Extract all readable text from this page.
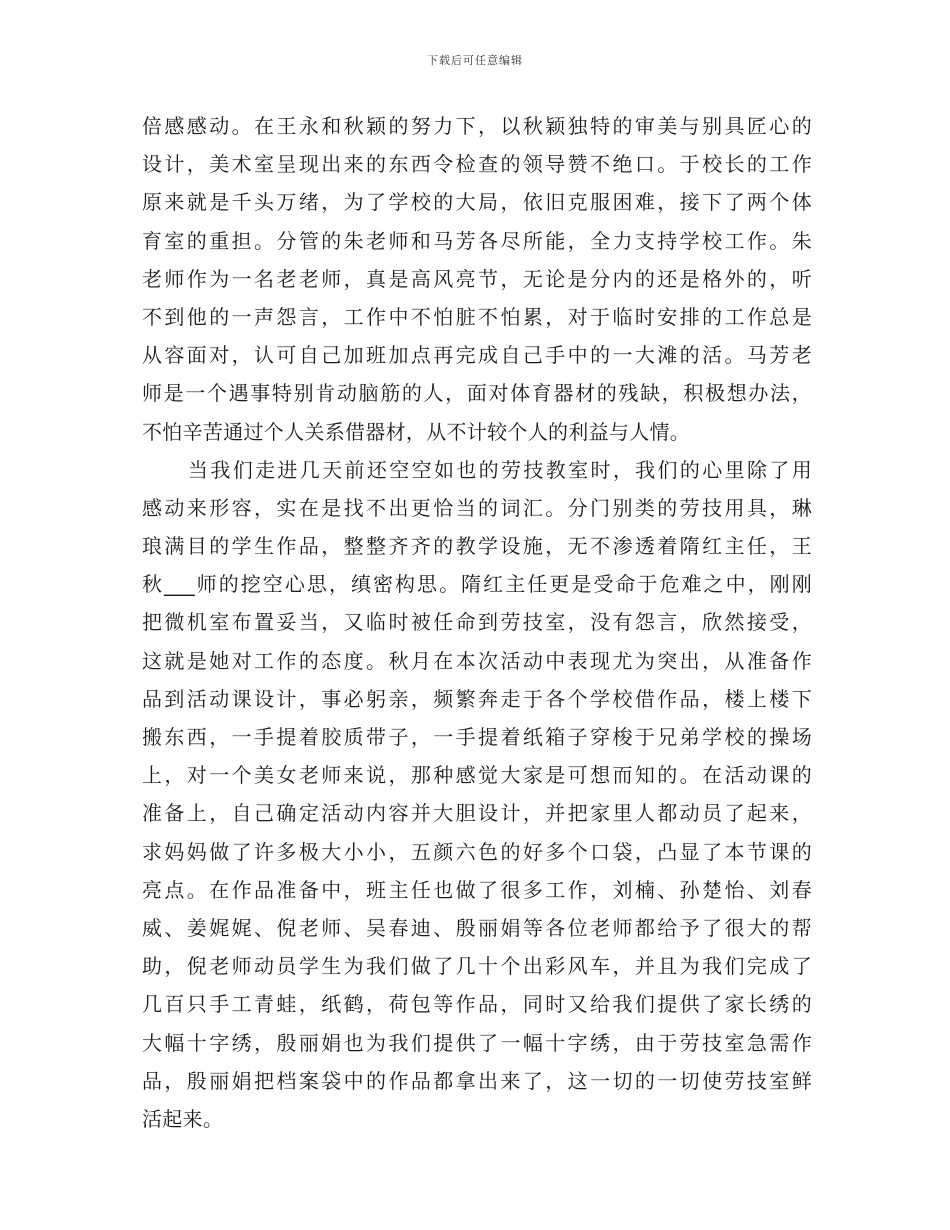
下载后可任意编辑
倍感感动。在王永和秋颖的努力下，以秋颖独特的审美与别具匠心的
设计，美术室呈现出来的东西令检查的领导赞不绝口。于校长的工作
原来就是千头万绪，为了学校的大局，依旧克服困难，接下了两个体
育室的重担。分管的朱老师和马芳各尽所能，全力支持学校工作。朱
老师作为一名老老师，真是高风亮节，无论是分内的还是格外的，听
不到他的一声怨言，工作中不怕脏不怕累，对于临时安排的工作总是
从容面对，认可自己加班加点再完成自己手中的一大滩的活。马芳老
师是一个遇事特别肯动脑筋的人，面对体育器材的残缺，积极想办法，
不怕辛苦通过个人关系借器材，从不计较个人的利益与人情。
当我们走进几天前还空空如也的劳技教室时，我们的心里除了用
感动来形容，实在是找不出更恰当的词汇。分门别类的劳技用具，琳
琅满目的学生作品，整整齐齐的教学设施，无不渗透着隋红主任，王
秋___师的挖空心思，缜密构思。隋红主任更是受命于危难之中，刚刚
把微机室布置妥当，又临时被任命到劳技室，没有怨言，欣然接受，
这就是她对工作的态度。秋月在本次活动中表现尤为突出，从准备作
品到活动课设计，事必躬亲，频繁奔走于各个学校借作品，楼上楼下
搬东西，一手提着胶质带子，一手提着纸箱子穿梭于兄弟学校的操场
上，对一个美女老师来说，那种感觉大家是可想而知的。在活动课的
准备上，自己确定活动内容并大胆设计，并把家里人都动员了起来，
求妈妈做了许多极大小小，五颜六色的好多个口袋，凸显了本节课的
亮点。在作品准备中，班主任也做了很多工作，刘楠、孙楚怡、刘春
威、姜娓娓、倪老师、吴春迪、殷丽娟等各位老师都给予了很大的帮
助，倪老师动员学生为我们做了几十个出彩风车，并且为我们完成了
几百只手工青蛙，纸鹤，荷包等作品，同时又给我们提供了家长绣的
大幅十字绣，殷丽娟也为我们提供了一幅十字绣，由于劳技室急需作
品，殷丽娟把档案袋中的作品都拿出来了，这一切的一切使劳技室鲜
活起来。
